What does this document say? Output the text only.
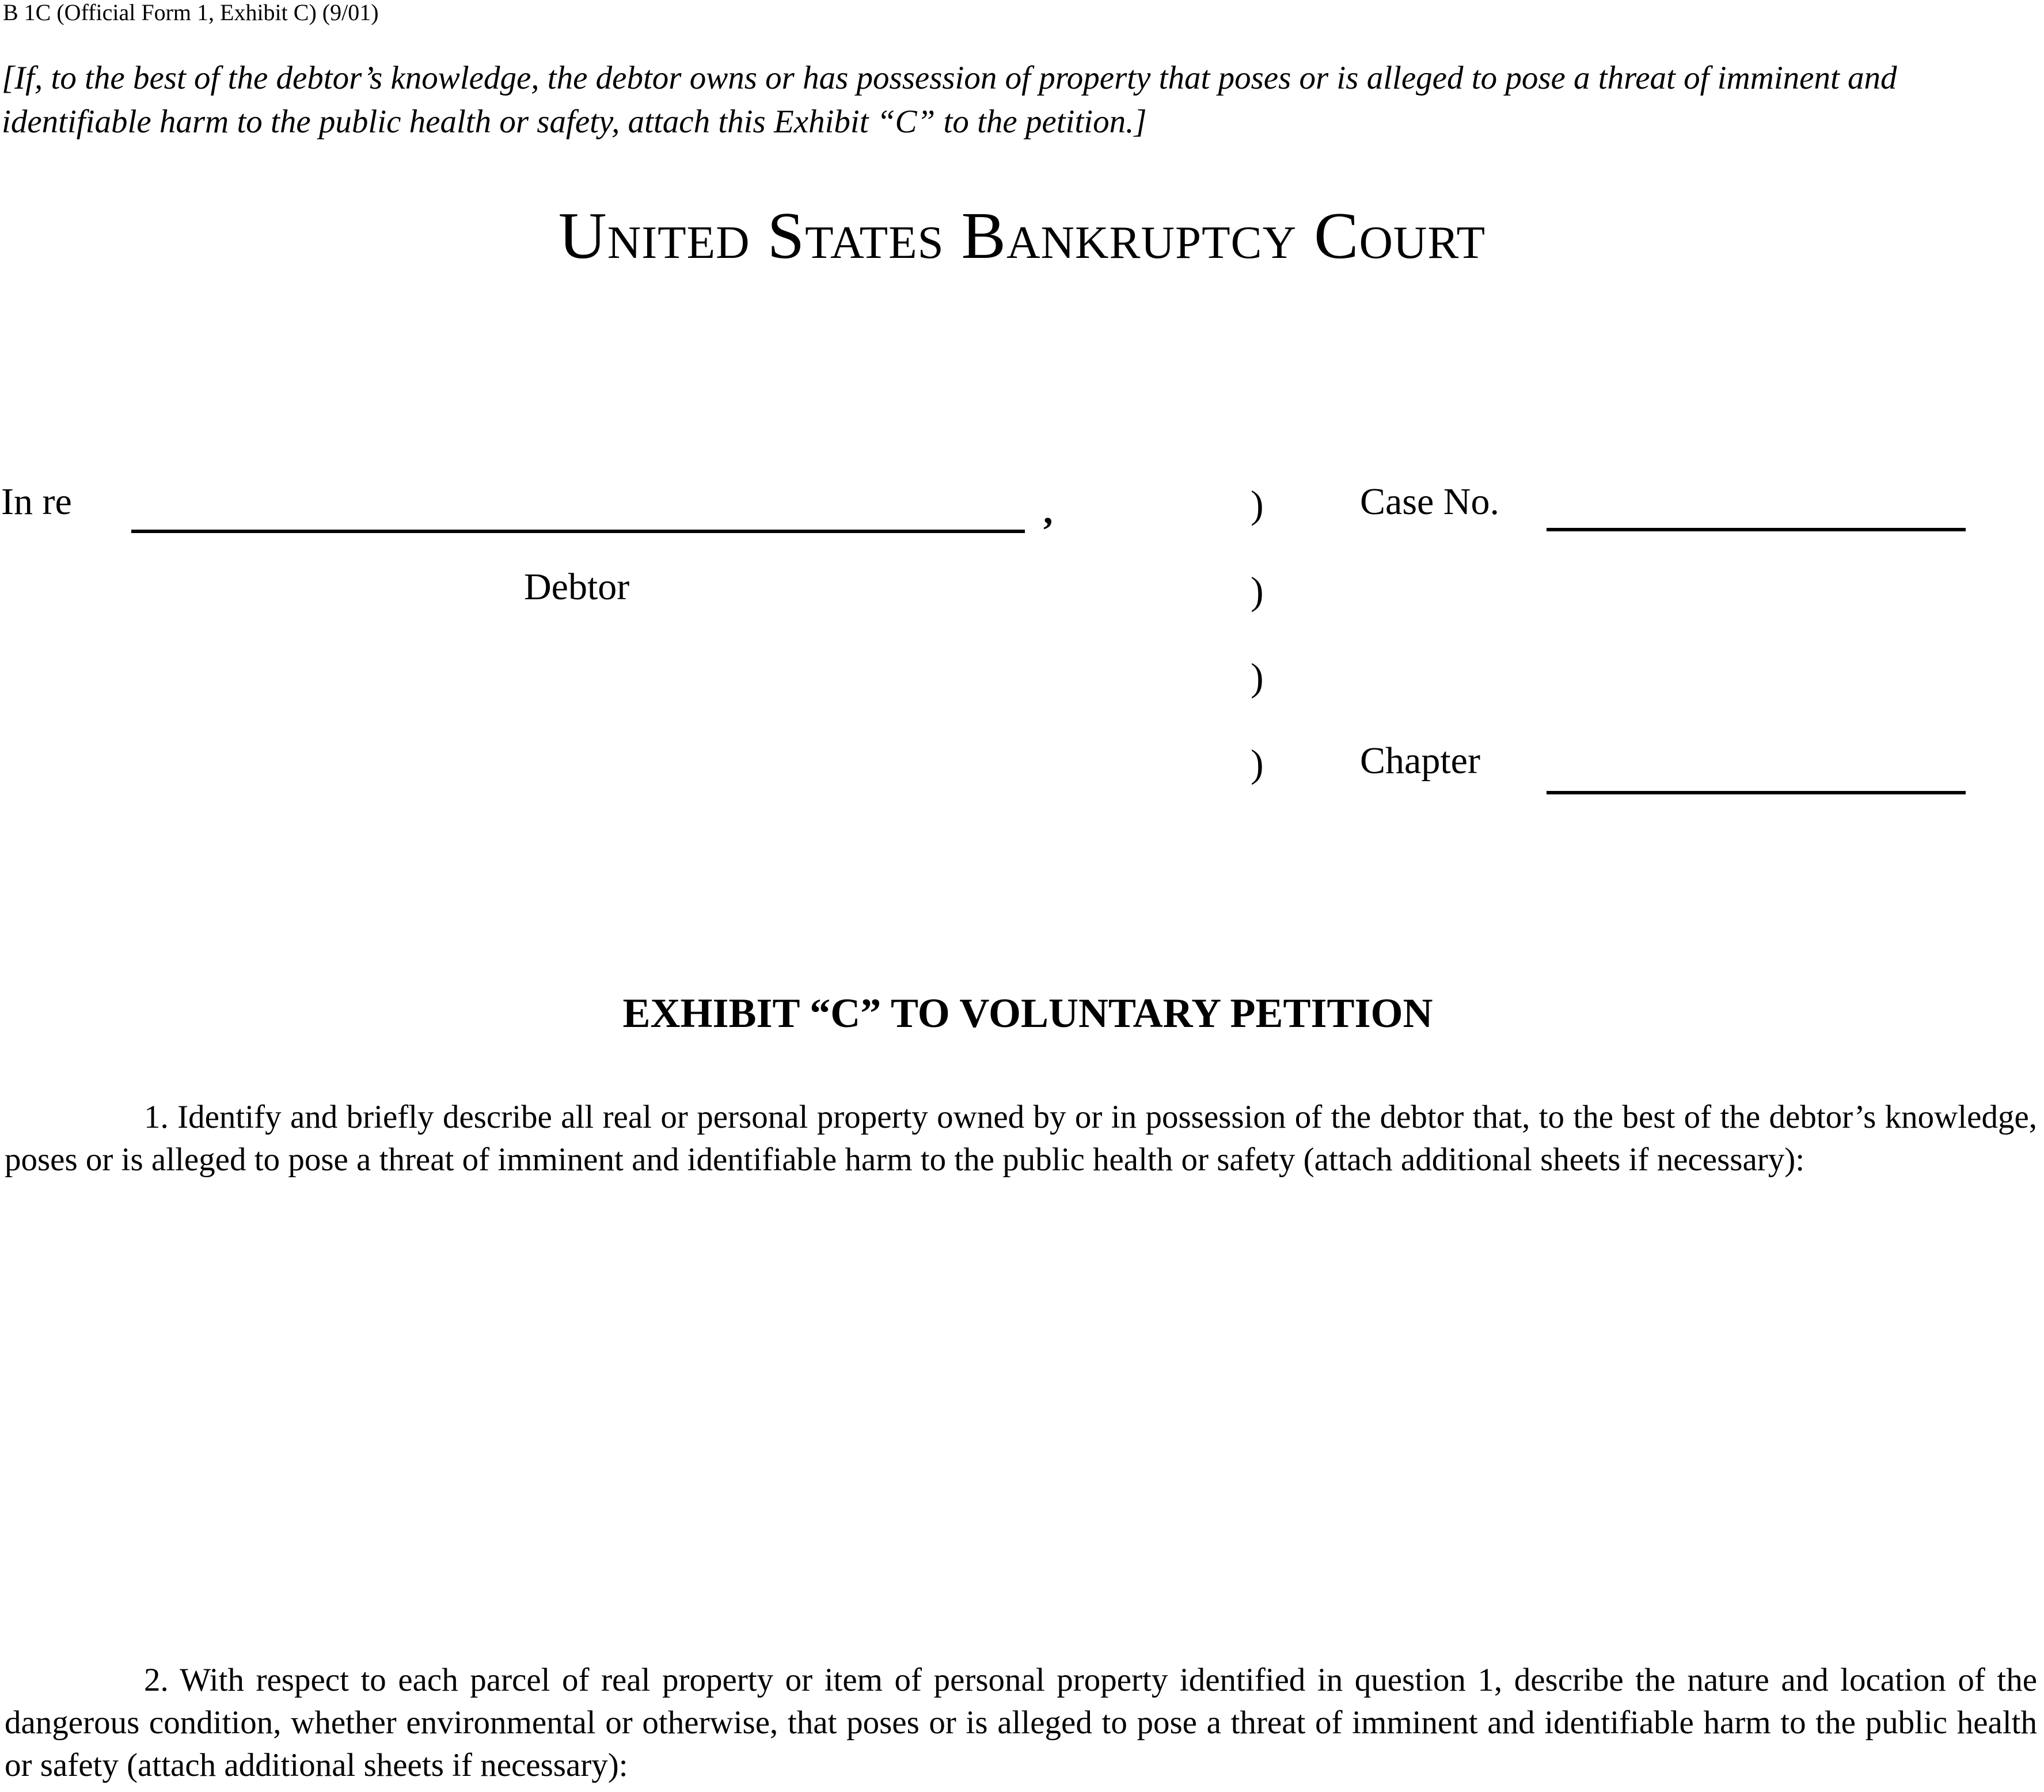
B 1C (Official Form 1, Exhibit C) (9/01)
[If, to the best of the debtor’s knowledge, the debtor owns or has possession of property that poses or is alleged to pose a threat of imminent and identifiable harm to the public health or safety, attach this Exhibit “C” to the petition.]
United States Bankruptcy Court
In re	,
Debtor
)
)
)
)
Case No.
Chapter
EXHIBIT “C” TO VOLUNTARY PETITION
1. Identify and briefly describe all real or personal property owned by or in possession of the debtor that, to the best of the debtor’s knowledge, poses or is alleged to pose a threat of imminent and identifiable harm to the public health or safety (attach additional sheets if necessary):
2. With respect to each parcel of real property or item of personal property identified in question 1, describe the nature and location of the dangerous condition, whether environmental or otherwise, that poses or is alleged to pose a threat of imminent and identifiable harm to the public health or safety (attach additional sheets if necessary):
